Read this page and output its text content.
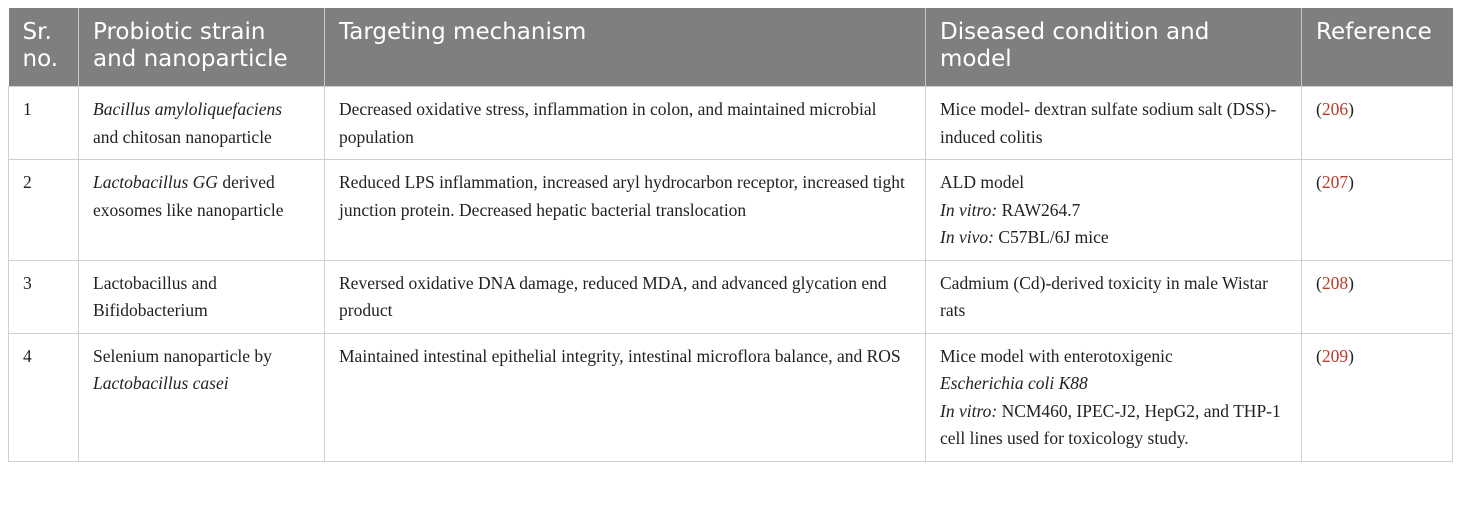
Sr. no.	Probiotic strain and nanoparticle	Targeting mechanism	Diseased condition and model	Reference
1	Bacillus amyloliquefaciens and chitosan nanoparticle	Decreased oxidative stress, inflammation in colon, and maintained microbial population	Mice model- dextran sulfate sodium salt (DSS)-induced colitis	(206)
2	Lactobacillus GG derived exosomes like nanoparticle	Reduced LPS inflammation, increased aryl hydrocarbon receptor, increased tight junction protein. Decreased hepatic bacterial translocation	ALD model
In vitro: RAW264.7
In vivo: C57BL/6J mice	(207)
3	Lactobacillus and Bifidobacterium	Reversed oxidative DNA damage, reduced MDA, and advanced glycation end product	Cadmium (Cd)-derived toxicity in male Wistar rats	(208)
4	Selenium nanoparticle by Lactobacillus casei	Maintained intestinal epithelial integrity, intestinal microflora balance, and ROS	Mice model with enterotoxigenic
Escherichia coli K88
In vitro: NCM460, IPEC-J2, HepG2, and THP-1 cell lines used for toxicology study.	(209)
